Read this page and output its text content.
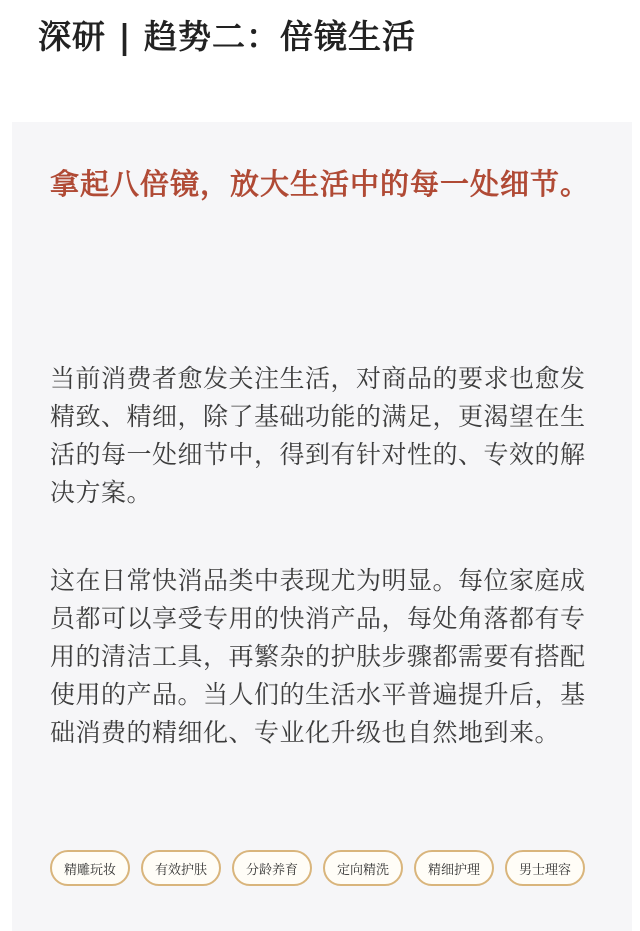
深研 | 趋势二：倍镜生活
拿起八倍镜，放大生活中的每一处细节。
当前消费者愈发关注生活，对商品的要求也愈发精致、精细，除了基础功能的满足，更渴望在生活的每一处细节中，得到有针对性的、专效的解决方案。
这在日常快消品类中表现尤为明显。每位家庭成员都可以享受专用的快消产品，每处角落都有专用的清洁工具，再繁杂的护肤步骤都需要有搭配使用的产品。当人们的生活水平普遍提升后，基础消费的精细化、专业化升级也自然地到来。
精雕玩妆	有效护肤	分龄养育	定向精洗	精细护理	男士理容
